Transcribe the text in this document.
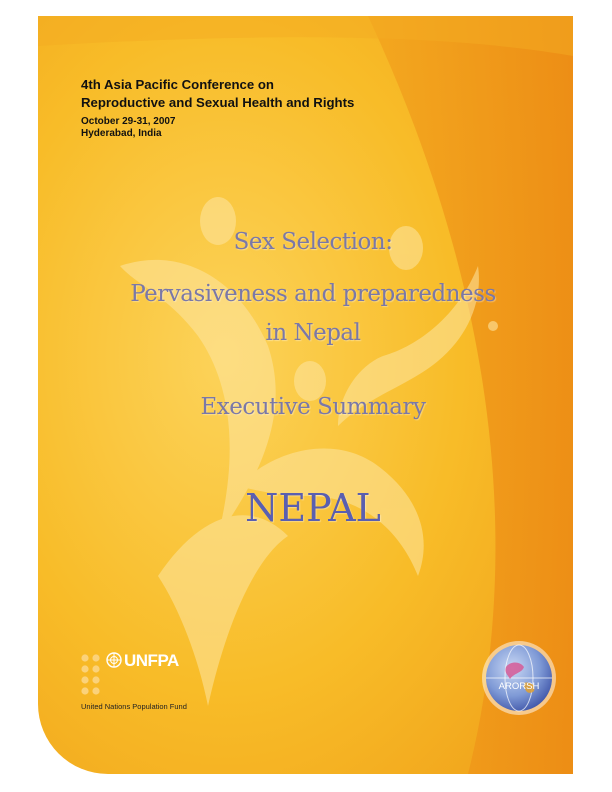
4th Asia Pacific Conference on
Reproductive and Sexual Health and Rights
October 29-31, 2007
Hyderabad, India
Sex Selection:
Pervasiveness and preparedness
in Nepal
Executive Summary
NEPAL
UNFPA
United Nations Population Fund
ARORSH
